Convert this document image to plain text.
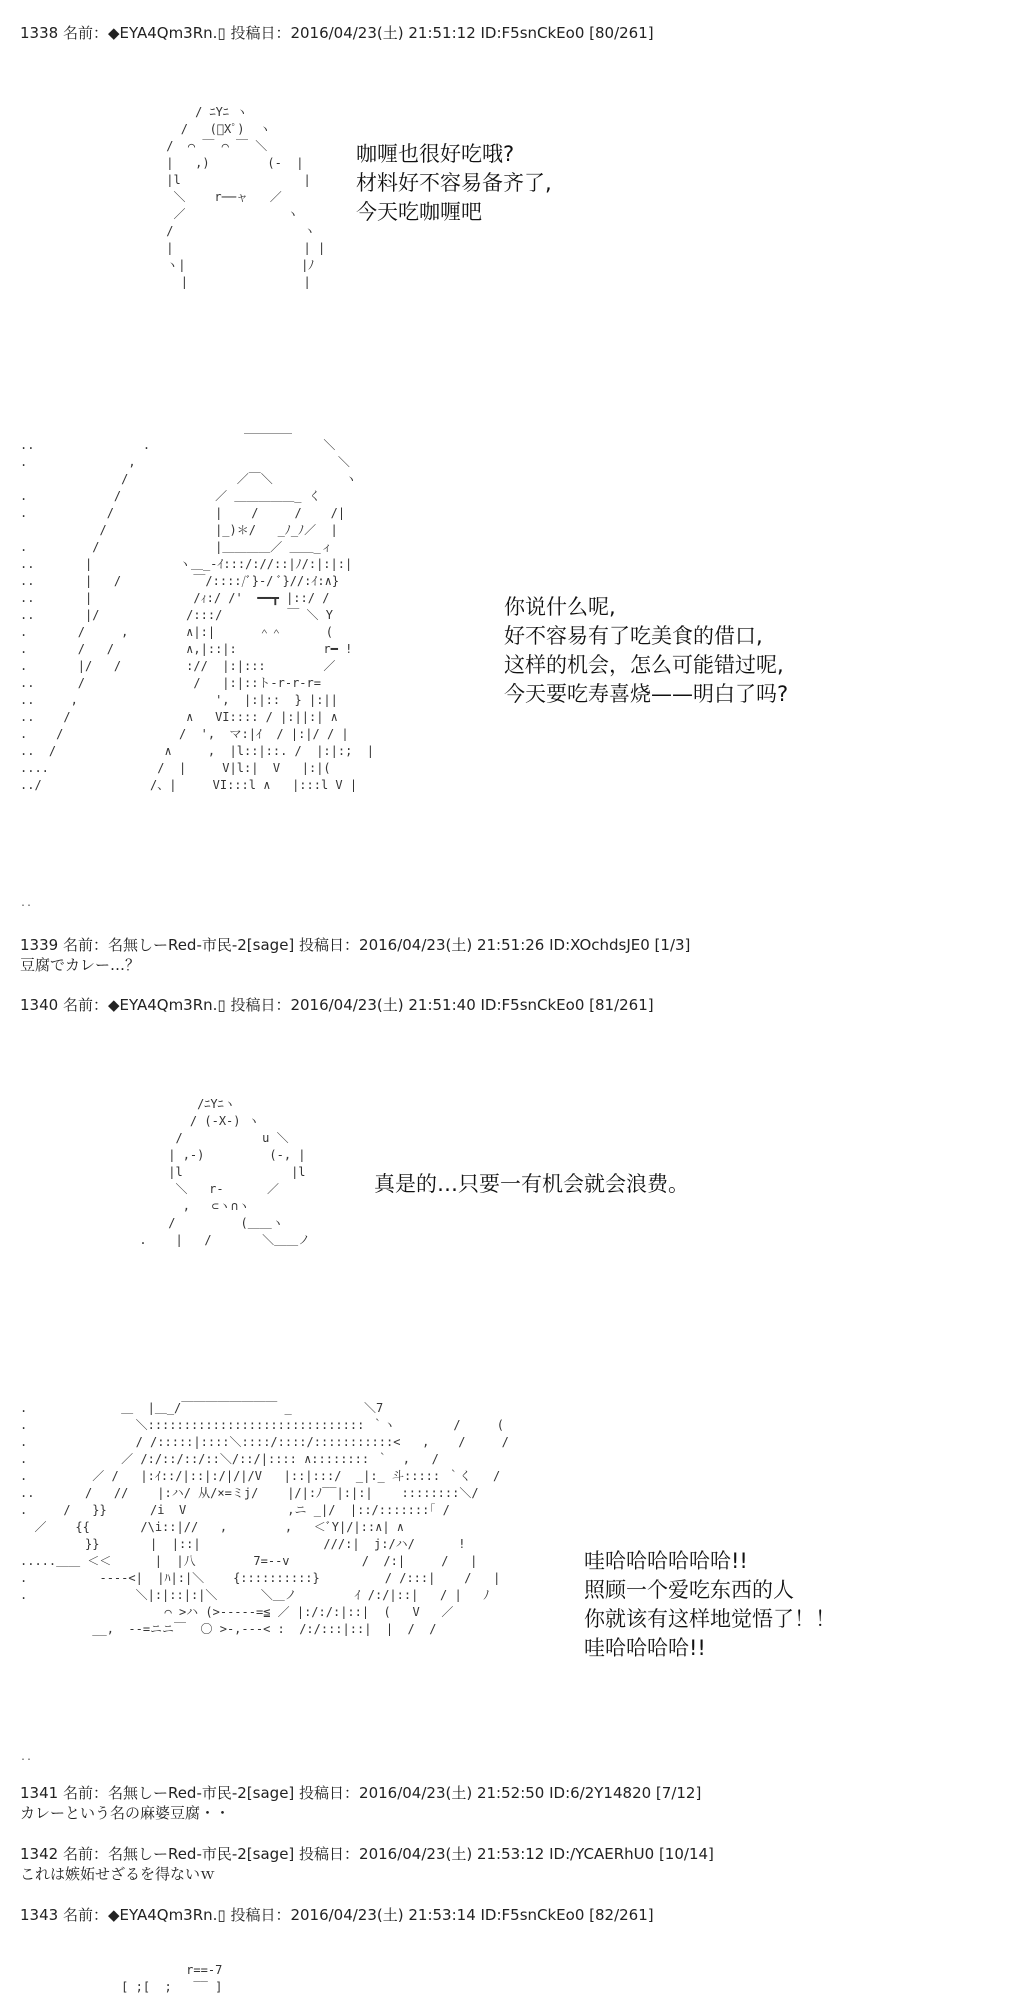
1338 名前：◆EYA4Qm3Rn.▯ 投稿日：2016/04/23(土) 21:51:12 ID:F5snCkEo0 [80/261]
/ ﾆYﾆ ヽ
/   (ﾟXﾟ)  ヽ
/  ⌒ ￣ ⌒ ￣ ＼
|   ,)        (-  |
|l                 |
＼    r──ャ   ／
／              ヽ
/                  ヽ
|                  | |
ヽ|                |ﾉ
|                |
咖喱也很好吃哦?
材料好不容易备齐了,
今天吃咖喱吧
＿＿＿＿
..               .                        ＼
.              ,                            ＼
/               ／￣＼          ヽ
.            /             ／ ＿＿＿＿＿_ く
.           /              |    /     /    /|
/               |_)＊/   _ﾉ_ﾉ／  |
.         /                |＿＿＿＿／ ＿＿_ィ
..       |            ヽ＿_-ｲ:::/://::|ﾉ/:|:|:|
..       |   /          ￣/::::/ﾞ}-/ ﾞ}//:ｲ:∧}
..       |              /ｨ:/ /'  ━━┳ |::/ /
..       |/            /:::/         ￣ ＼ Y
.       /     ,        ∧|:|      ＾＾      (
.       /   /          ∧,|::|:            r━ !
.       |/   /         ://  |:|:::        ／
..      /               /   |:|::ト‐r‐r‐r=
..     ,                   ',  |:|::  } |:||
..    /                ∧   VI:::: / |:||:| ∧
.    /                /  ',  マ:|ｲ  / |:|/ / |
..  /               ∧     ,  |l::|::. /  |:|:;  |
....               /  |     V|l:|  V   |:|(
../               /、|     VI:::l ∧   |:::l V |
你说什么呢,
好不容易有了吃美食的借口,
这样的机会，怎么可能错过呢,
今天要吃寿喜烧——明白了吗?
..
1339 名前：名無しーRed-市民-2[sage] 投稿日：2016/04/23(土) 21:51:26 ID:XOchdsJE0 [1/3]
豆腐でカレー…？
1340 名前：◆EYA4Qm3Rn.▯ 投稿日：2016/04/23(土) 21:51:40 ID:F5snCkEo0 [81/261]
/ﾆYﾆヽ
/ (-X-) ヽ
/           u ＼
| ,-)         (-, |
|l               |l
＼   r-      ／
,   ⊂ヽ∩ヽ
/         (＿＿ヽ
.    |   /       ＼＿＿ノ
真是的…只要一有机会就会浪费。
.             ＿  |＿_/￣￣￣￣￣￣￣￣ _          ＼7
.               ＼:::::::::::::::::::::::::::::: ｀ヽ        /     (
.               / /:::::|::::＼::::/::::/:::::::::::<   ,    /     /
.             ／ /:/::/::/::＼/::/|:::: ∧:::::::: ｀  ,   /
.         ／ /   |:ｲ::/|::|:/|/|/V   |::|:::/  _|:_ 斗::::: ｀く   /
..       /   //    |:ハ/ 从/×=ミj/    |/|:ﾉ‾‾|:|:|    ::::::::＼/
.     /   }}      /i  V              ,ニ _|/  |::/:::::::｢ /
／    {{       /\i::|//   ,        ,   ＜ﾞY|/|::∧| ∧
}}       |  |::|                 ///:|  j:/ハ/      !
.....＿＿ ＜＜      |  |八        7=‐‐v          /  /:|     /   |
.          ‐‐‐‐<|  |ﾊ|:|＼    {::::::::::}         / /:::|    /   |
.               ＼|:|::|:|＼      ＼＿ノ        ｲ /:/|::|   / |   ﾉ
⌒ >ハ (>‐‐‐‐‐=≦ ／ |:/:/:|::|  (   V   ／
__,  ‐-=ニニ￣  〇 >‐,‐‐‐< :  /:/:::|::|  |  /  /
哇哈哈哈哈哈哈!!
照顾一个爱吃东西的人
你就该有这样地觉悟了！！
哇哈哈哈哈!!
..
1341 名前：名無しーRed-市民-2[sage] 投稿日：2016/04/23(土) 21:52:50 ID:6/2Y14820 [7/12]
カレーという名の麻婆豆腐・・
1342 名前：名無しーRed-市民-2[sage] 投稿日：2016/04/23(土) 21:53:12 ID:/YCAERhU0 [10/14]
これは嫉妬せざるを得ないｗ
1343 名前：◆EYA4Qm3Rn.▯ 投稿日：2016/04/23(土) 21:53:14 ID:F5snCkEo0 [82/261]
r==-7
[ ;[  ;   ‾‾ ]
